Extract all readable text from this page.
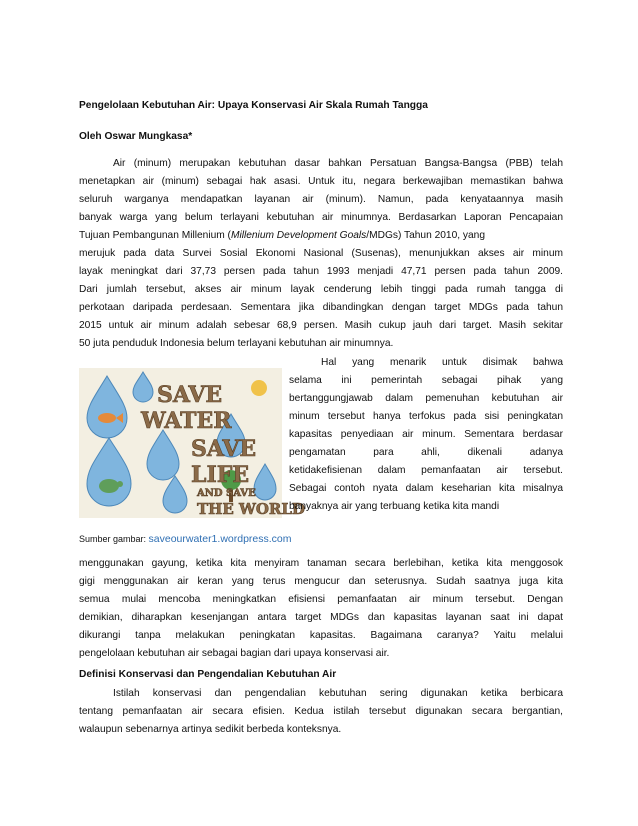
Pengelolaan Kebutuhan Air: Upaya Konservasi Air Skala Rumah Tangga
Oleh Oswar Mungkasa*
Air (minum) merupakan kebutuhan dasar bahkan Persatuan Bangsa-Bangsa (PBB) telah
menetapkan air (minum) sebagai hak asasi. Untuk itu, negara berkewajiban memastikan bahwa
seluruh warganya mendapatkan layanan air (minum). Namun, pada kenyataannya masih
banyak warga yang belum terlayani kebutuhan air minumnya. Berdasarkan Laporan Pencapaian
Tujuan Pembangunan Millenium (Millenium Development Goals/MDGs) Tahun 2010, yang
merujuk pada data Survei Sosial Ekonomi Nasional (Susenas), menunjukkan akses air minum
layak meningkat dari 37,73 persen pada tahun 1993 menjadi 47,71 persen pada tahun 2009.
Dari jumlah tersebut, akses air minum layak cenderung lebih tinggi pada rumah tangga di
perkotaan daripada perdesaan. Sementara jika dibandingkan dengan target MDGs pada tahun
2015 untuk air minum adalah sebesar 68,9 persen. Masih cukup jauh dari target. Masih sekitar
50 juta penduduk Indonesia belum terlayani kebutuhan air minumnya.
SAVE
WATER
SAVE
LIFE
AND SAVE
THE WORLD
Hal yang menarik untuk disimak bahwa
selama ini pemerintah sebagai pihak yang
bertanggungjawab dalam pemenuhan kebutuhan air
minum tersebut hanya terfokus pada sisi peningkatan
kapasitas penyediaan air minum. Sementara berdasar
pengamatan para ahli, dikenali adanya
ketidakefisienan dalam pemanfaatan air tersebut.
Sebagai contoh nyata dalam keseharian kita misalnya
banyaknya air yang terbuang ketika kita mandi
Sumber gambar: saveourwater1.wordpress.com
menggunakan gayung, ketika kita menyiram tanaman secara berlebihan, ketika kita menggosok
gigi menggunakan air keran yang terus mengucur dan seterusnya. Sudah saatnya juga kita
semua mulai mencoba meningkatkan efisiensi pemanfaatan air minum tersebut. Dengan
demikian, diharapkan kesenjangan antara target MDGs dan kapasitas layanan saat ini dapat
dikurangi tanpa melakukan peningkatan kapasitas. Bagaimana caranya? Yaitu melalui
pengelolaan kebutuhan air sebagai bagian dari upaya konservasi air.
Definisi Konservasi dan Pengendalian Kebutuhan Air
Istilah konservasi dan pengendalian kebutuhan sering digunakan ketika berbicara
tentang pemanfaatan air secara efisien. Kedua istilah tersebut digunakan secara bergantian,
walaupun sebenarnya artinya sedikit berbeda konteksnya.
